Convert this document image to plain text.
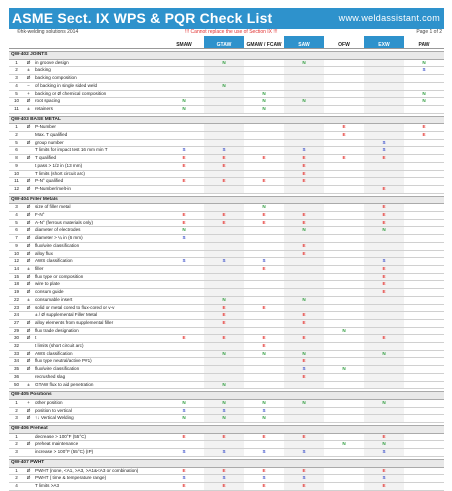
ASME Sect. IX WPS & PQR Check List	www.weldassistant.com
©hk-welding solutions 2014	!!! Cannot replace the use of Section IX !!!	Page 1 of 2
			SMAW	GTAW	GMAW / FCAW	SAW	OFW	EXW	PAW

QW-402 JOINTS									
1	Ø	in groove design		N		N			N
2	±	backing							S
3	Ø	backing composition							
4	−	of backing in single sided weld		N					
5	+	backing or Ø chemical composition			N				N
10	Ø	root spacing	N		N	N			N
11	±	retainers	N		N				

QW-403 BASE METAL									
1	Ø	P-Number					E		E
2		Max. T qualified					E		E
5	Ø	group number						S	
6		T limits for impact test 16 mm min T	S	S		S		S	
8	Ø	T qualified	E	E	E	E	E	E	
9		t pass > 1/2 in (13 mm)	E	E		E			
10		T limits (short circuit arc)				E			
11	Ø	P-N° qualified	E	E	E	E			
12	Ø	P-Number/melt-in						E	

QW-404 Filler Metals									
3	Ø	size of filler metal			N			E	
4	Ø	F-N°	E	E	E	E		E	
5	Ø	A-N° (ferrous materials only)	E	E	E	E		E	
6	Ø	diameter of electrodes	N			N		N	
7	Ø	diameter > ¼ in (6 mm)	S						
9	Ø	flux/wire classification				E			
10	Ø	alloy flux				E			
12	Ø	AWS classification	S	S	S			S	
14	±	filler			E			E	
15	Ø	flux type or composition						E	
18	Ø	wire to plate						E	
19	Ø	consum guide						E	
22	±	consumable insert		N		N			
23	Ø	solid or metal cored to flux-cored or v-v		E	E				
24		± / Ø supplemental Filler Metal		E		E			
27	Ø	alloy elements from supplemental filler		E		E			
29	Ø	flux trade designation					N		
30	Ø	t	E	E	E	E		E	
32		t limits (short circuit arc)			E				
33	Ø	AWS classification		N	N	N		N	
34	Ø	flux type neutral/active P#1)				E			
35	Ø	flux/wire classification				S	N		
36		recrushed slag				E			
50	±	GTAW flux to aid penetration		N					

QW-405 Positions									
1	+	other position	N	N	N	N		N	
2	Ø	position to vertical	S	S	S				
3	Ø	↑↓ Vertical Welding	N	N	N				

QW-406 Preheat									
1		decrease > 100°F (55°C)	E	E	E	E		E	
2	Ø	preheat maintenance					N	N	
3		increase > 100°F (55°C) (IP)	S	S	S	S		S	

QW-407 PWHT									
1	Ø	PWHT (none, <A1, >A3, >A1&<A3 or combination)	E	E	E	E		E	
2	Ø	PWHT ( time & temperature range)	S	S	S	S		S	
4		T limits >A3	E	E	E	E		E	
